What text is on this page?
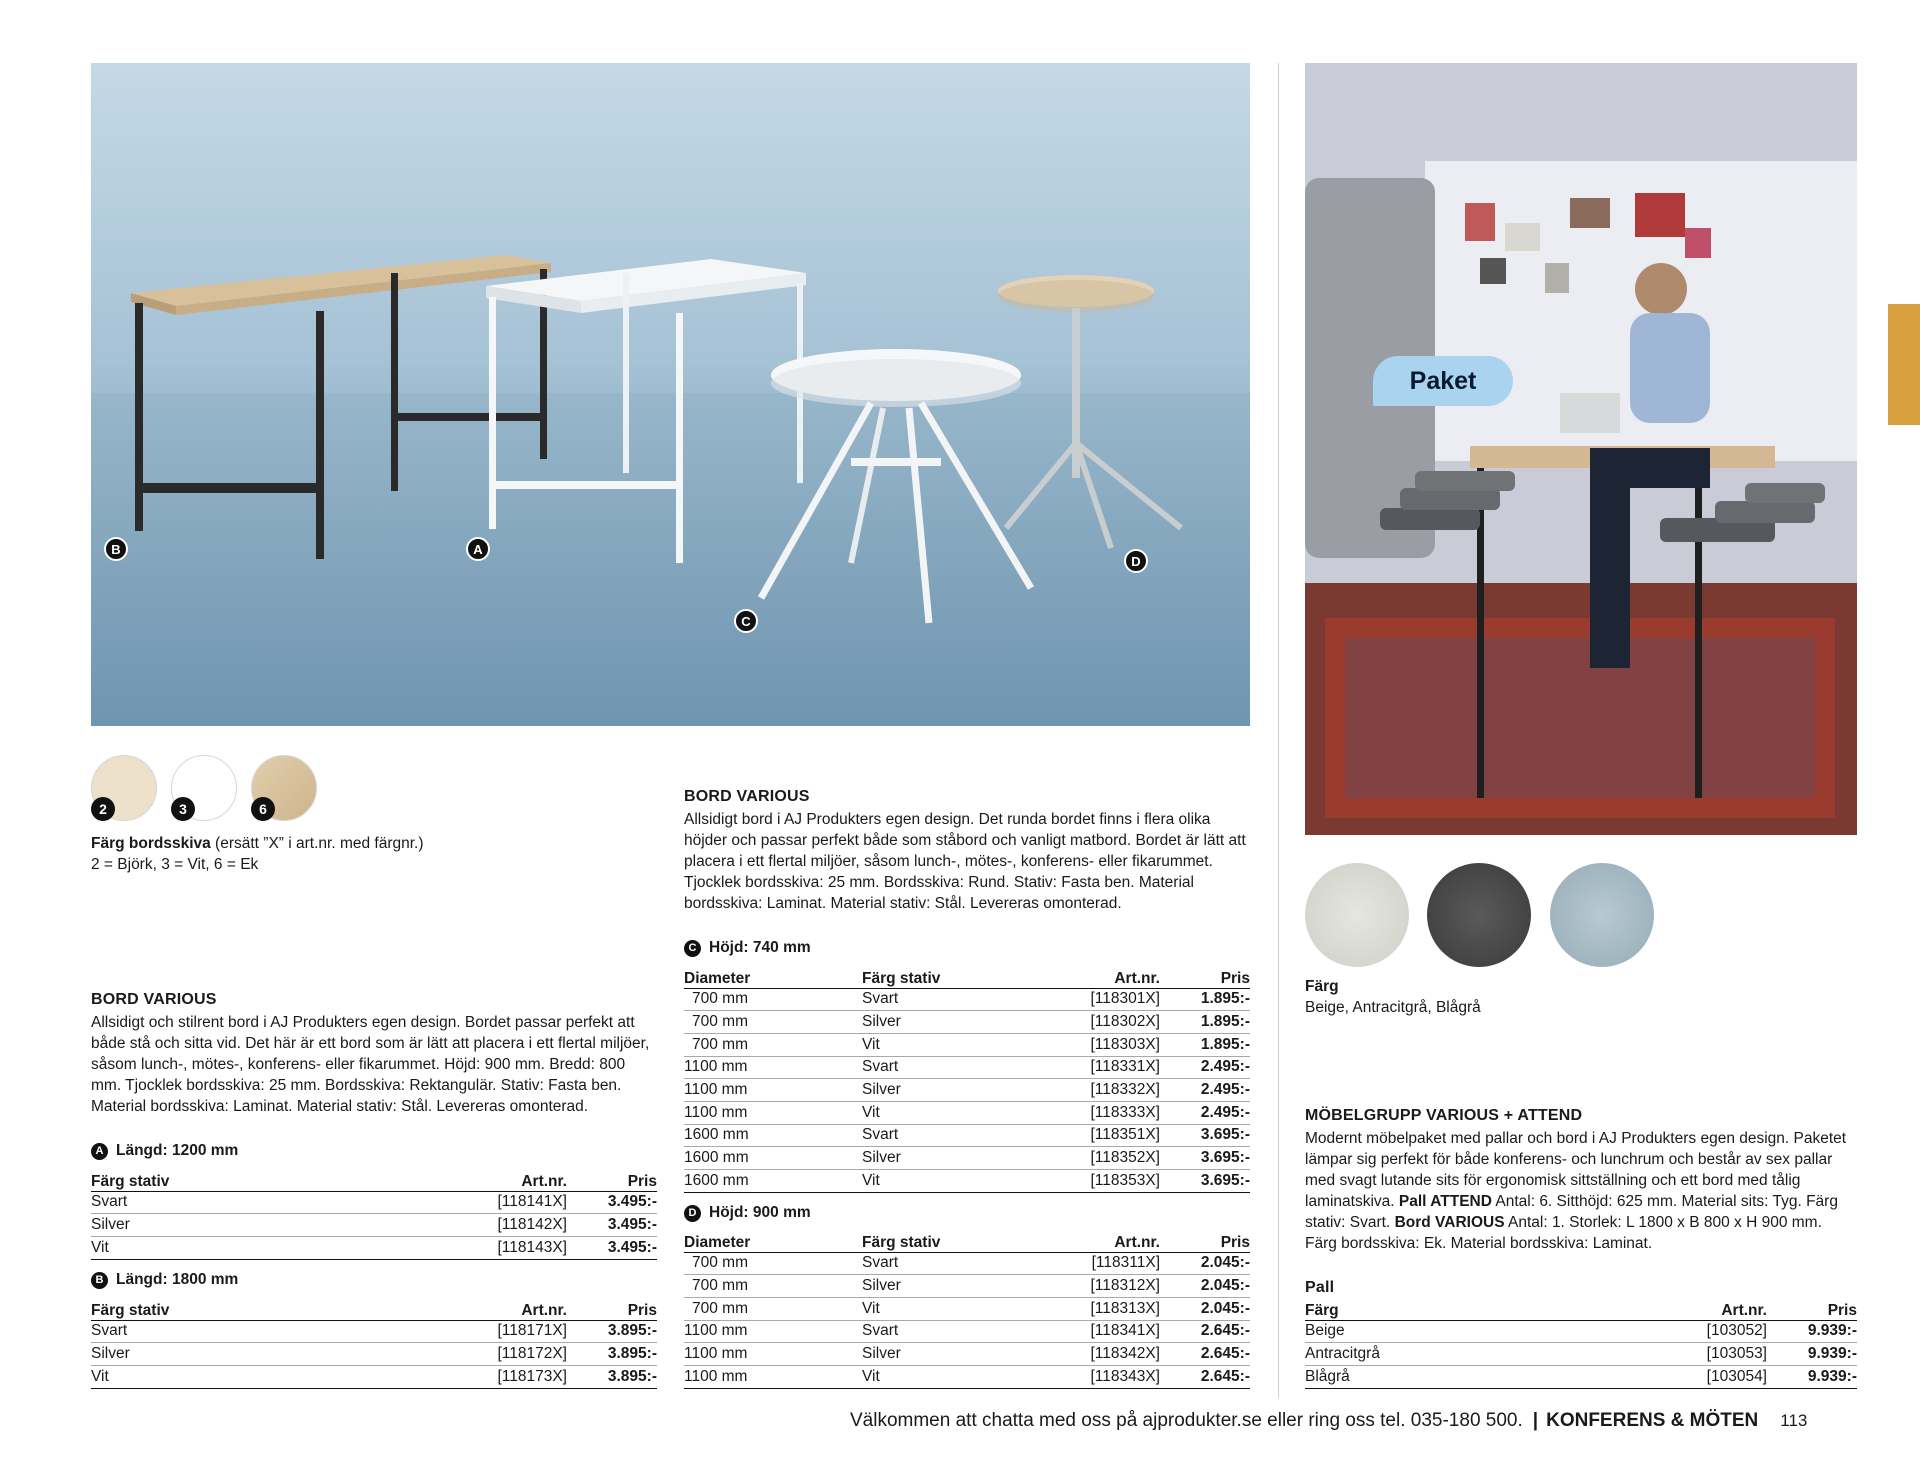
B	A
C
D
Paket
2	3	6
Färg bordsskiva (ersätt ”X” i art.nr. med färgnr.)
2 = Björk, 3 = Vit, 6 = Ek
BORD VARIOUS
Allsidigt och stilrent bord i AJ Produkters egen design. Bordet passar perfekt att både stå och sitta vid. Det här är ett bord som är lätt att placera i ett flertal miljöer, såsom lunch-, mötes-, konferens- eller fikarummet. Höjd: 900 mm. Bredd: 800 mm. Tjocklek bordsskiva: 25 mm. Bordsskiva: Rektangulär. Stativ: Fasta ben. Material bordsskiva: Laminat. Material stativ: Stål. Levereras omonterad.
A Längd: 1200 mm
Färg stativ	Art.nr.	Pris
Svart	[118141X]	3.495:-
Silver	[118142X]	3.495:-
Vit	[118143X]	3.495:-
B Längd: 1800 mm
Färg stativ	Art.nr.	Pris
Svart	[118171X]	3.895:-
Silver	[118172X]	3.895:-
Vit	[118173X]	3.895:-
BORD VARIOUS
Allsidigt bord i AJ Produkters egen design. Det runda bordet finns i flera olika höjder och passar perfekt både som ståbord och vanligt matbord. Bordet är lätt att placera i ett flertal miljöer, såsom lunch-, mötes-, konferens- eller fikarummet. Tjocklek bordsskiva: 25 mm. Bordsskiva: Rund. Stativ: Fasta ben. Material bordsskiva: Laminat. Material stativ: Stål. Levereras omonterad.
C Höjd: 740 mm
Diameter	Färg stativ	Art.nr.	Pris
700 mm	Svart	[118301X]	1.895:-
700 mm	Silver	[118302X]	1.895:-
700 mm	Vit	[118303X]	1.895:-
1100 mm	Svart	[118331X]	2.495:-
1100 mm	Silver	[118332X]	2.495:-
1100 mm	Vit	[118333X]	2.495:-
1600 mm	Svart	[118351X]	3.695:-
1600 mm	Silver	[118352X]	3.695:-
1600 mm	Vit	[118353X]	3.695:-
D Höjd: 900 mm
Diameter	Färg stativ	Art.nr.	Pris
700 mm	Svart	[118311X]	2.045:-
700 mm	Silver	[118312X]	2.045:-
700 mm	Vit	[118313X]	2.045:-
1100 mm	Svart	[118341X]	2.645:-
1100 mm	Silver	[118342X]	2.645:-
1100 mm	Vit	[118343X]	2.645:-
Färg
Beige, Antracitgrå, Blågrå
MÖBELGRUPP VARIOUS + ATTEND
Modernt möbelpaket med pallar och bord i AJ Produkters egen design. Paketet lämpar sig perfekt för både konferens- och lunchrum och består av sex pallar med svagt lutande sits för ergonomisk sittställning och ett bord med tålig laminatskiva. Pall ATTEND Antal: 6. Sitthöjd: 625 mm. Material sits: Tyg. Färg stativ: Svart. Bord VARIOUS Antal: 1. Storlek: L 1800 x B 800 x H 900 mm. Färg bordsskiva: Ek. Material bordsskiva: Laminat.
Pall
Färg	Art.nr.	Pris
Beige	[103052]	9.939:-
Antracitgrå	[103053]	9.939:-
Blågrå	[103054]	9.939:-
Välkommen att chatta med oss på ajprodukter.se eller ring oss tel. 035-180 500. | KONFERENS & MÖTEN 113
